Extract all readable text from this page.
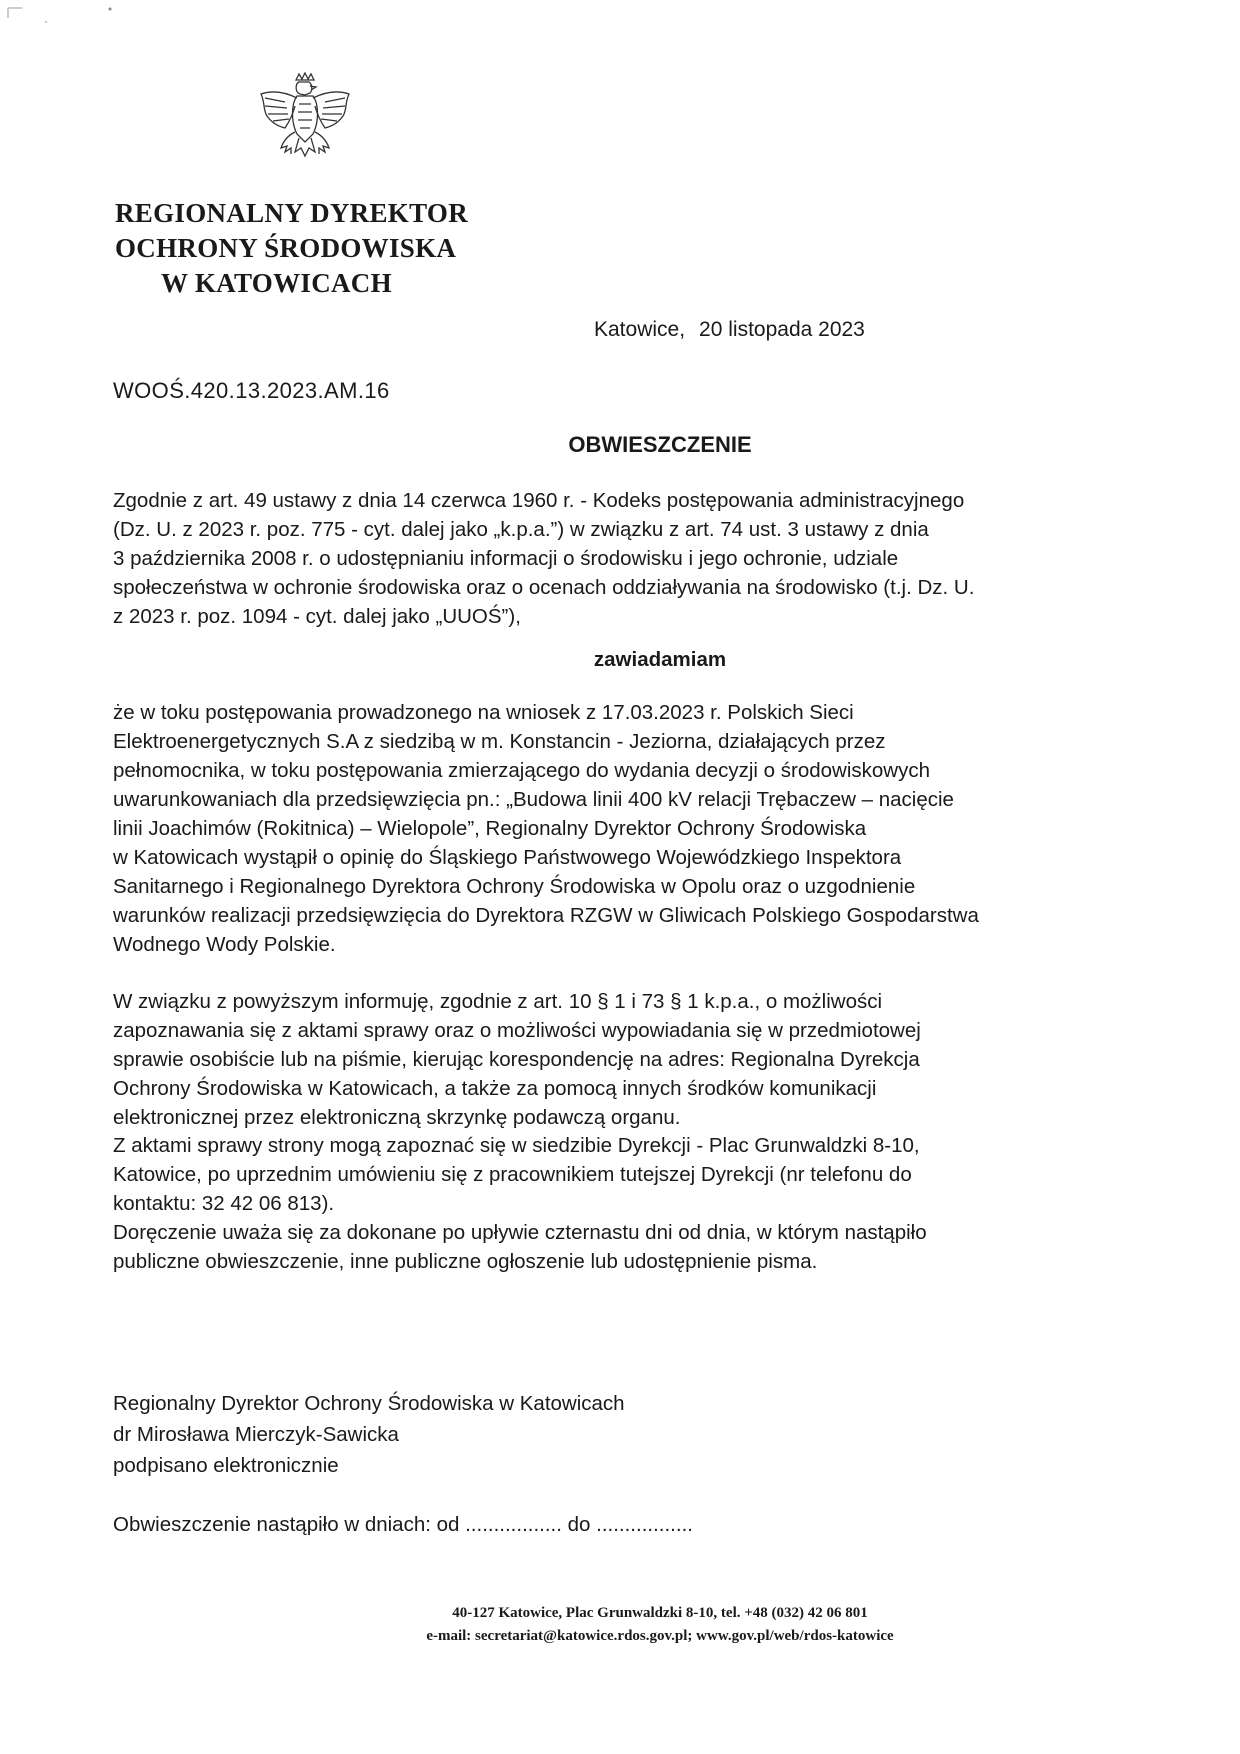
REGIONALNY DYREKTOR
OCHRONY ŚRODOWISKA
W KATOWICACH
Katowice, 20 listopada 2023
WOOŚ.420.13.2023.AM.16
OBWIESZCZENIE
Zgodnie z art. 49 ustawy z dnia 14 czerwca 1960 r. - Kodeks postępowania administracyjnego
(Dz. U. z 2023 r. poz. 775 - cyt. dalej jako „k.p.a.”) w związku z art. 74 ust. 3 ustawy z dnia
3 października 2008 r. o udostępnianiu informacji o środowisku i jego ochronie, udziale
społeczeństwa w ochronie środowiska oraz o ocenach oddziaływania na środowisko (t.j. Dz. U.
z 2023 r. poz. 1094 - cyt. dalej jako „UUOŚ”),
zawiadamiam
że w toku postępowania prowadzonego na wniosek z 17.03.2023 r. Polskich Sieci
Elektroenergetycznych S.A z siedzibą w m. Konstancin - Jeziorna, działających przez
pełnomocnika, w toku postępowania zmierzającego do wydania decyzji o środowiskowych
uwarunkowaniach dla przedsięwzięcia pn.: „Budowa linii 400 kV relacji Trębaczew – nacięcie
linii Joachimów (Rokitnica) – Wielopole”, Regionalny Dyrektor Ochrony Środowiska
w Katowicach wystąpił o opinię do Śląskiego Państwowego Wojewódzkiego Inspektora
Sanitarnego i Regionalnego Dyrektora Ochrony Środowiska w Opolu oraz o uzgodnienie
warunków realizacji przedsięwzięcia do Dyrektora RZGW w Gliwicach Polskiego Gospodarstwa
Wodnego Wody Polskie.
W związku z powyższym informuję, zgodnie z art. 10 § 1 i 73 § 1 k.p.a., o możliwości
zapoznawania się z aktami sprawy oraz o możliwości wypowiadania się w przedmiotowej
sprawie osobiście lub na piśmie, kierując korespondencję na adres: Regionalna Dyrekcja
Ochrony Środowiska w Katowicach, a także za pomocą innych środków komunikacji
elektronicznej przez elektroniczną skrzynkę podawczą organu.
Z aktami sprawy strony mogą zapoznać się w siedzibie Dyrekcji - Plac Grunwaldzki 8-10,
Katowice, po uprzednim umówieniu się z pracownikiem tutejszej Dyrekcji (nr telefonu do
kontaktu: 32 42 06 813).
Doręczenie uważa się za dokonane po upływie czternastu dni od dnia, w którym nastąpiło
publiczne obwieszczenie, inne publiczne ogłoszenie lub udostępnienie pisma.
Regionalny Dyrektor Ochrony Środowiska w Katowicach
dr Mirosława Mierczyk-Sawicka
podpisano elektronicznie
Obwieszczenie nastąpiło w dniach: od ................. do .................
40-127 Katowice, Plac Grunwaldzki 8-10, tel. +48 (032) 42 06 801
e-mail: secretariat@katowice.rdos.gov.pl; www.gov.pl/web/rdos-katowice
